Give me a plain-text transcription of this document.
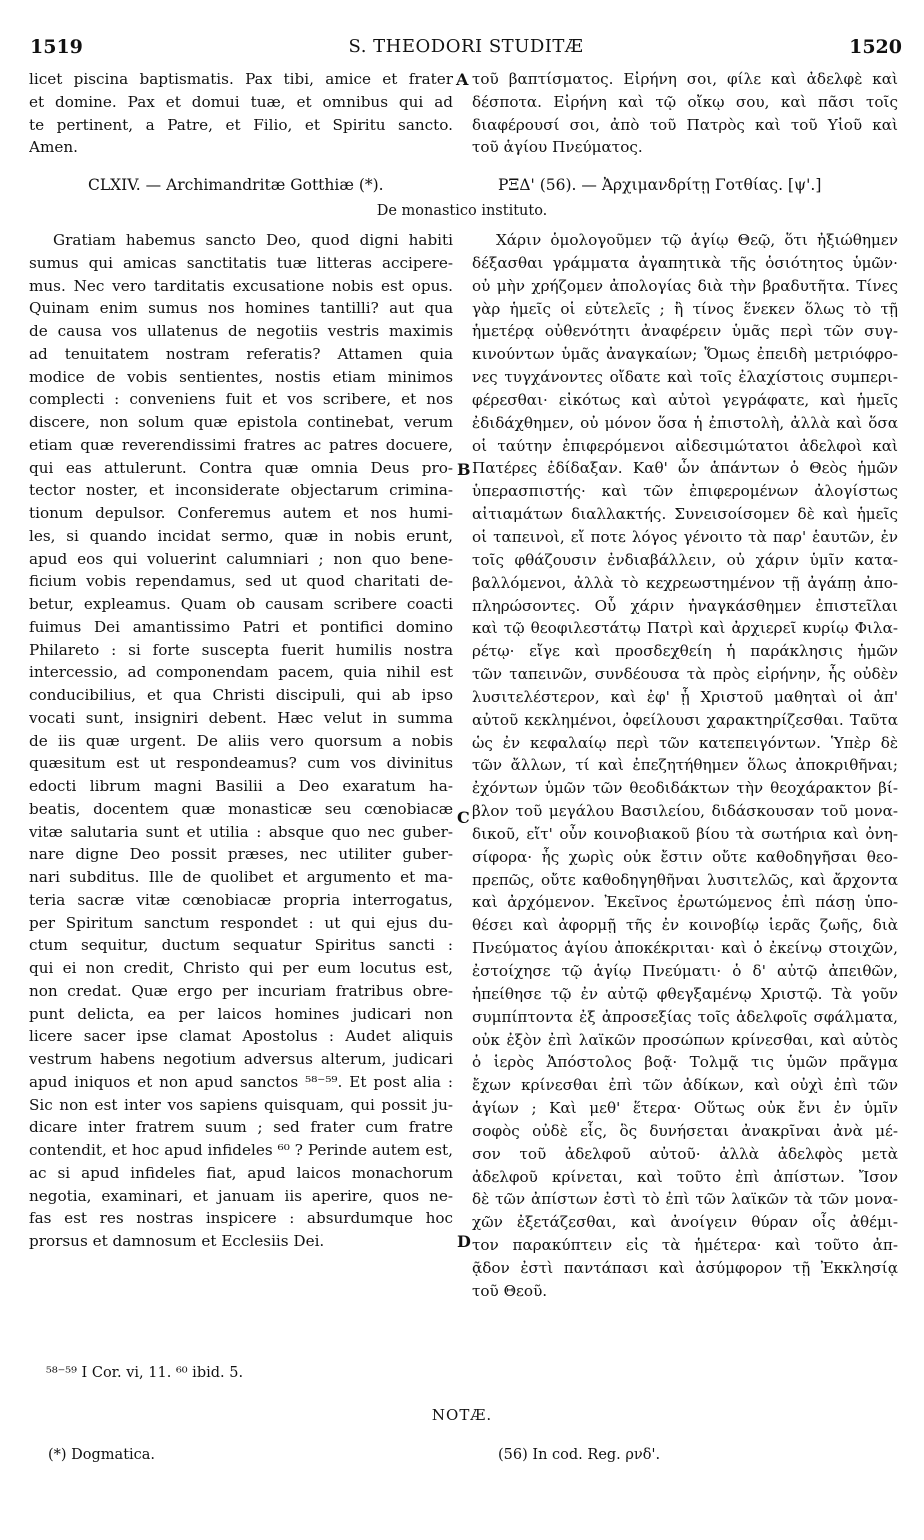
1519	S. THEODORI STUDITÆ	1520
licet piscina baptismatis. Pax tibi, amice et frater
et domine. Pax et domui tuæ, et omnibus qui ad
te pertinent, a Patre, et Filio, et Spiritu sancto.
Amen.
τοῦ βαπτίσματος. Εἰρήνη σοι, φίλε καὶ ἀδελφὲ καὶ
δέσποτα. Εἰρήνη καὶ τῷ οἴκῳ σου, καὶ πᾶσι τοῖς
διαφέρουσί σοι, ἀπὸ τοῦ Πατρὸς καὶ τοῦ Υἱοῦ καὶ
τοῦ ἁγίου Πνεύματος.
CLXIV. — Archimandritæ Gotthiæ (*).	ΡΞΔ' (56). — Ἀρχιμανδρίτῃ Γοτθίας. [ψ'.]
De monastico instituto.
Gratiam habemus sancto Deo, quod digni habiti
sumus qui amicas sanctitatis tuæ litteras accipere-
mus. Nec vero tarditatis excusatione nobis est opus.
Quinam enim sumus nos homines tantilli? aut qua
de causa vos ullatenus de negotiis vestris maximis
ad tenuitatem nostram referatis? Attamen quia
modice de vobis sentientes, nostis etiam minimos
complecti : conveniens fuit et vos scribere, et nos
discere, non solum quæ epistola continebat, verum
etiam quæ reverendissimi fratres ac patres docuere,
qui eas attulerunt. Contra quæ omnia Deus pro-
tector noster, et inconsiderate objectarum crimina-
tionum depulsor. Conferemus autem et nos humi-
les, si quando incidat sermo, quæ in nobis erunt,
apud eos qui voluerint calumniari ; non quo bene-
ficium vobis rependamus, sed ut quod charitati de-
betur, expleamus. Quam ob causam scribere coacti
fuimus Dei amantissimo Patri et pontifici domino
Philareto : si forte suscepta fuerit humilis nostra
intercessio, ad componendam pacem, quia nihil est
conducibilius, et qua Christi discipuli, qui ab ipso
vocati sunt, insigniri debent. Hæc velut in summa
de iis quæ urgent. De aliis vero quorsum a nobis
quæsitum est ut respondeamus? cum vos divinitus
edocti librum magni Basilii a Deo exaratum ha-
beatis, docentem quæ monasticæ seu cœnobiacæ
vitæ salutaria sunt et utilia : absque quo nec guber-
nare digne Deo possit præses, nec utiliter guber-
nari subditus. Ille de quolibet et argumento et ma-
teria sacræ vitæ cœnobiacæ propria interrogatus,
per Spiritum sanctum respondet : ut qui ejus du-
ctum sequitur, ductum sequatur Spiritus sancti :
qui ei non credit, Christo qui per eum locutus est,
non credat. Quæ ergo per incuriam fratribus obre-
punt delicta, ea per laicos homines judicari non
licere sacer ipse clamat Apostolus : Audet aliquis
vestrum habens negotium adversus alterum, judicari
apud iniquos et non apud sanctos ⁵⁸⁻⁵⁹. Et post alia :
Sic non est inter vos sapiens quisquam, qui possit ju-
dicare inter fratrem suum ; sed frater cum fratre
contendit, et hoc apud infideles ⁶⁰ ? Perinde autem est,
ac si apud infideles fiat, apud laicos monachorum
negotia, examinari, et januam iis aperire, quos ne-
fas est res nostras inspicere : absurdumque hoc
prorsus et damnosum et Ecclesiis Dei.
Χάριν ὁμολογοῦμεν τῷ ἁγίῳ Θεῷ, ὅτι ἠξιώθημεν
δέξασθαι γράμματα ἀγαπητικὰ τῆς ὁσιότητος ὑμῶν·
οὐ μὴν χρήζομεν ἀπολογίας διὰ τὴν βραδυτῆτα. Τίνες
γὰρ ἡμεῖς οἱ εὐτελεῖς ; ἢ τίνος ἕνεκεν ὅλως τὸ τῇ
ἡμετέρᾳ οὐθενότητι ἀναφέρειν ὑμᾶς περὶ τῶν συγ-
κινούντων ὑμᾶς ἀναγκαίων; Ὅμως ἐπειδὴ μετριόφρο-
νες τυγχάνοντες οἴδατε καὶ τοῖς ἐλαχίστοις συμπερι-
φέρεσθαι· εἰκότως καὶ αὐτοὶ γεγράφατε, καὶ ἡμεῖς
ἐδιδάχθημεν, οὐ μόνον ὅσα ἡ ἐπιστολὴ, ἀλλὰ καὶ ὅσα
οἱ ταύτην ἐπιφερόμενοι αἰδεσιμώτατοι ἀδελφοὶ καὶ
Πατέρες ἐδίδαξαν. Καθ' ὧν ἁπάντων ὁ Θεὸς ἡμῶν
ὑπερασπιστής· καὶ τῶν ἐπιφερομένων ἀλογίστως
αἰτιαμάτων διαλλακτής. Συνεισοίσομεν δὲ καὶ ἡμεῖς
οἱ ταπεινοὶ, εἴ ποτε λόγος γένοιτο τὰ παρ' ἑαυτῶν, ἐν
τοῖς φθάζουσιν ἐνδιαβάλλειν, οὐ χάριν ὑμῖν κατα-
βαλλόμενοι, ἀλλὰ τὸ κεχρεωστημένον τῇ ἀγάπῃ ἀπο-
πληρώσοντες. Οὗ χάριν ἠναγκάσθημεν ἐπιστεῖλαι
καὶ τῷ θεοφιλεστάτῳ Πατρὶ καὶ ἀρχιερεῖ κυρίῳ Φιλα-
ρέτῳ· εἴγε καὶ προσδεχθείη ἡ παράκλησις ἡμῶν
τῶν ταπεινῶν, συνδέουσα τὰ πρὸς εἰρήνην, ἧς οὐδὲν
λυσιτελέστερον, καὶ ἐφ' ᾗ Χριστοῦ μαθηταὶ οἱ ἀπ'
αὐτοῦ κεκλημένοι, ὀφείλουσι χαρακτηρίζεσθαι. Ταῦτα
ὡς ἐν κεφαλαίῳ περὶ τῶν κατεπειγόντων. Ὑπὲρ δὲ
τῶν ἄλλων, τί καὶ ἐπεζητήθημεν ὅλως ἀποκριθῆναι;
ἐχόντων ὑμῶν τῶν θεοδιδάκτων τὴν θεοχάρακτον βί-
βλον τοῦ μεγάλου Βασιλείου, διδάσκουσαν τοῦ μονα-
δικοῦ, εἴτ' οὖν κοινοβιακοῦ βίου τὰ σωτήρια καὶ ὀνη-
σίφορα· ἧς χωρὶς οὐκ ἔστιν οὔτε καθοδηγῆσαι θεο-
πρεπῶς, οὔτε καθοδηγηθῆναι λυσιτελῶς, καὶ ἄρχοντα
καὶ ἀρχόμενον. Ἐκεῖνος ἐρωτώμενος ἐπὶ πάσῃ ὑπο-
θέσει καὶ ἀφορμῇ τῆς ἐν κοινοβίῳ ἱερᾶς ζωῆς, διὰ
Πνεύματος ἁγίου ἀποκέκριται· καὶ ὁ ἐκείνῳ στοιχῶν,
ἐστοίχησε τῷ ἁγίῳ Πνεύματι· ὁ δ' αὐτῷ ἀπειθῶν,
ἠπείθησε τῷ ἐν αὐτῷ φθεγξαμένῳ Χριστῷ. Τὰ γοῦν
συμπίπτοντα ἐξ ἀπροσεξίας τοῖς ἀδελφοῖς σφάλματα,
οὐκ ἐξὸν ἐπὶ λαϊκῶν προσώπων κρίνεσθαι, καὶ αὐτὸς
ὁ ἱερὸς Ἀπόστολος βοᾷ· Τολμᾷ τις ὑμῶν πρᾶγμα
ἔχων κρίνεσθαι ἐπὶ τῶν ἀδίκων, καὶ οὐχὶ ἐπὶ τῶν
ἁγίων ; Καὶ μεθ' ἕτερα· Οὕτως οὐκ ἔνι ἐν ὑμῖν
σοφὸς οὐδὲ εἷς, ὃς δυνήσεται ἀνακρῖναι ἀνὰ μέ-
σον τοῦ ἀδελφοῦ αὐτοῦ· ἀλλὰ ἀδελφὸς μετὰ
ἀδελφοῦ κρίνεται, καὶ τοῦτο ἐπὶ ἀπίστων. Ἴσον
δὲ τῶν ἀπίστων ἐστὶ τὸ ἐπὶ τῶν λαϊκῶν τὰ τῶν μονα-
χῶν ἐξετάζεσθαι, καὶ ἀνοίγειν θύραν οἷς ἀθέμι-
τον παρακύπτειν εἰς τὰ ἡμέτερα· καὶ τοῦτο ἀπ-
ᾷδον ἐστὶ παντάπασι καὶ ἀσύμφορον τῇ Ἐκκλησίᾳ
τοῦ Θεοῦ.
A
B
C
D
⁵⁸⁻⁵⁹ I Cor. vi, 11. ⁶⁰ ibid. 5.
NOTÆ.
(*) Dogmatica.	(56) In cod. Reg. ρνδ'.
